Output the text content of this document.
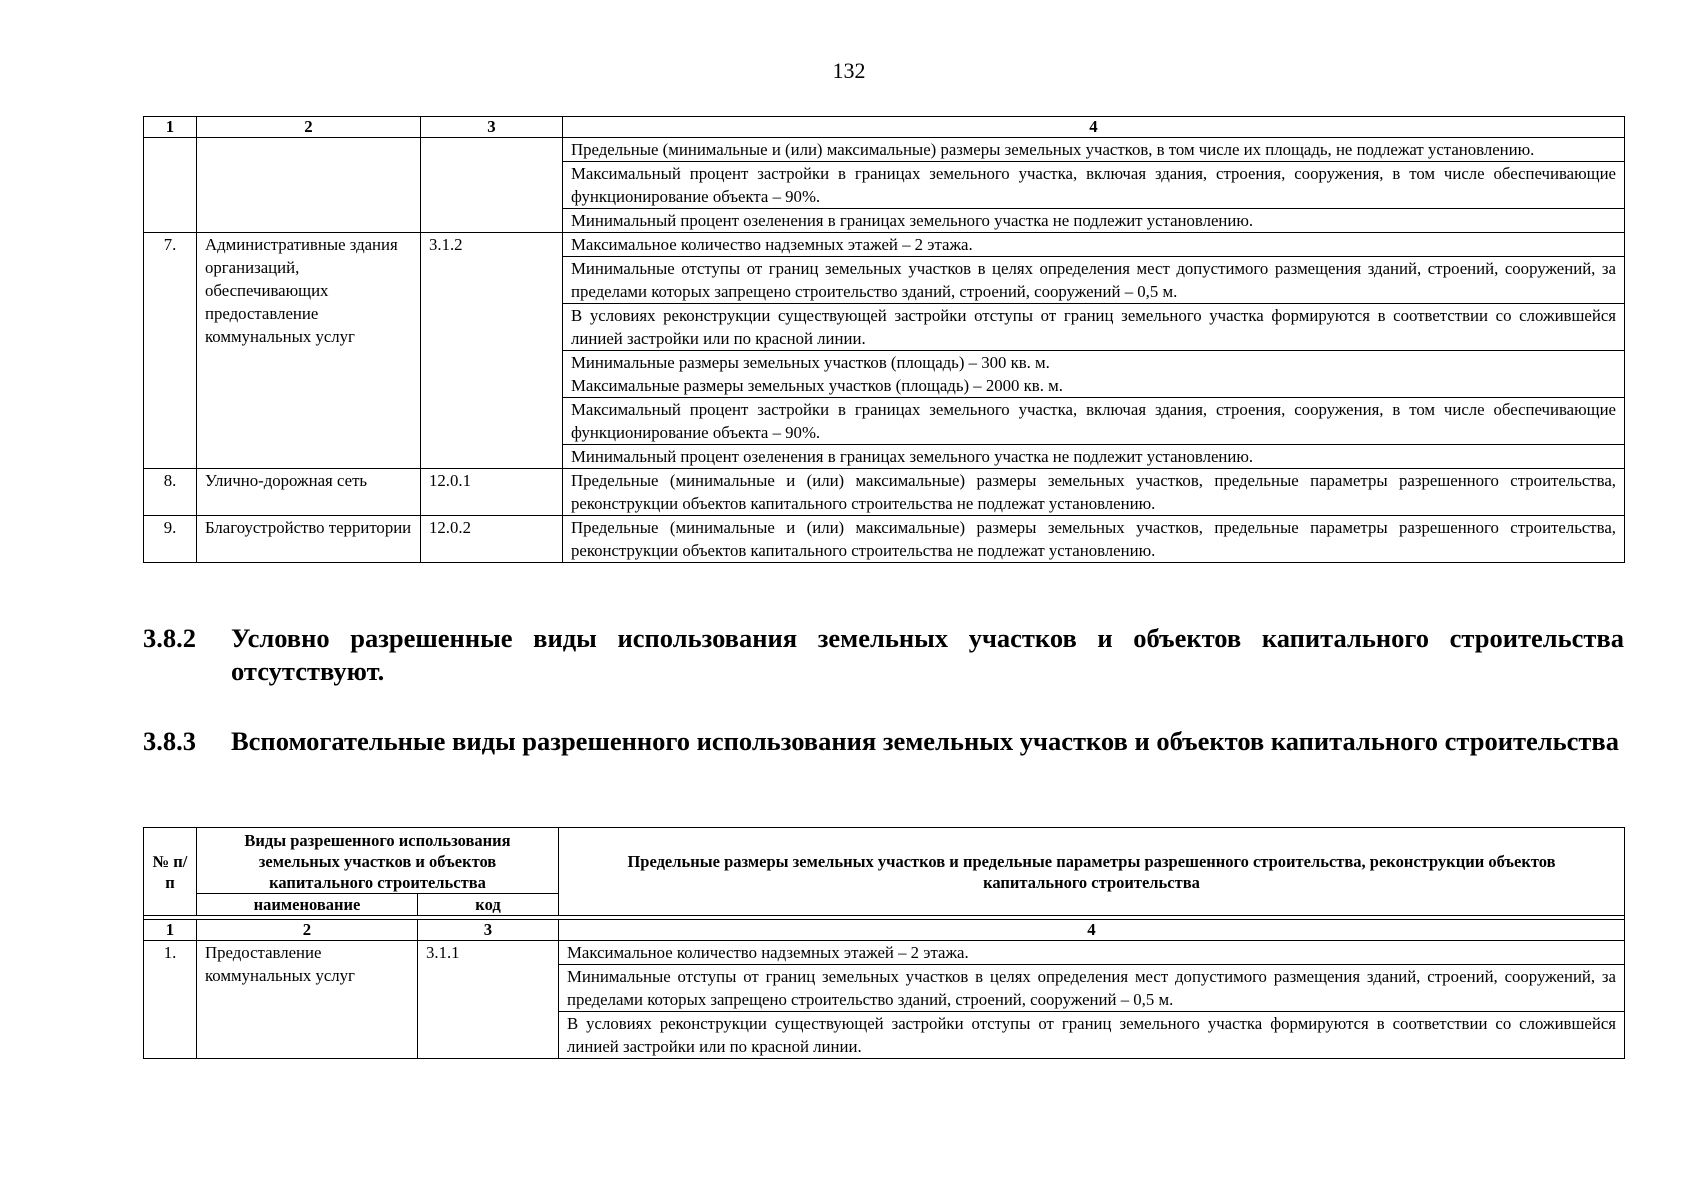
132
1	2	3	4
			Предельные (минимальные и (или) максимальные) размеры земельных участков, в том числе их площадь, не подлежат установлению.
			Максимальный процент застройки в границах земельного участка, включая здания, строения, сооружения, в том числе обеспечивающие функционирование объекта – 90%.
			Минимальный процент озеленения в границах земельного участка не подлежит установлению.
7.	Административные здания организаций, обеспечивающих предоставление коммунальных услуг	3.1.2	Максимальное количество надземных этажей – 2 этажа.
			Минимальные отступы от границ земельных участков в целях определения мест допустимого размещения зданий, строений, сооружений, за пределами которых запрещено строительство зданий, строений, сооружений – 0,5 м.
			В условиях реконструкции существующей застройки отступы от границ земельного участка формируются в соответствии со сложившейся линией застройки или по красной линии.

			Минимальные размеры земельных участков (площадь) – 300 кв. м.
Максимальные размеры земельных участков (площадь) – 2000 кв. м.

			Максимальный процент застройки в границах земельного участка, включая здания, строения, сооружения, в том числе обеспечивающие функционирование объекта – 90%.
			Минимальный процент озеленения в границах земельного участка не подлежит установлению.
8.	Улично-дорожная сеть	12.0.1	Предельные (минимальные и (или) максимальные) размеры земельных участков, предельные параметры разрешенного строительства, реконструкции объектов капитального строительства не подлежат установлению.
9.	Благоустройство территории	12.0.2	Предельные (минимальные и (или) максимальные) размеры земельных участков, предельные параметры разрешенного строительства, реконструкции объектов капитального строительства не подлежат установлению.
3.8.2 Условно разрешенные виды использования земельных участков и объектов капитального строительства отсутствуют.
3.8.3 Вспомогательные виды разрешенного использования земельных участков и объектов капитального строительства
№ п/п	Виды разрешенного использования земельных участков и объектов капитального строительства		Предельные размеры земельных участков и предельные параметры разрешенного строительства, реконструкции объектов капитального строительства
	наименование	код	

1	2	3	4
1.	Предоставление коммунальных услуг	3.1.1	Максимальное количество надземных этажей – 2 этажа.
			Минимальные отступы от границ земельных участков в целях определения мест допустимого размещения зданий, строений, сооружений, за пределами которых запрещено строительство зданий, строений, сооружений – 0,5 м.
			В условиях реконструкции существующей застройки отступы от границ земельного участка формируются в соответствии со сложившейся линией застройки или по красной линии.
